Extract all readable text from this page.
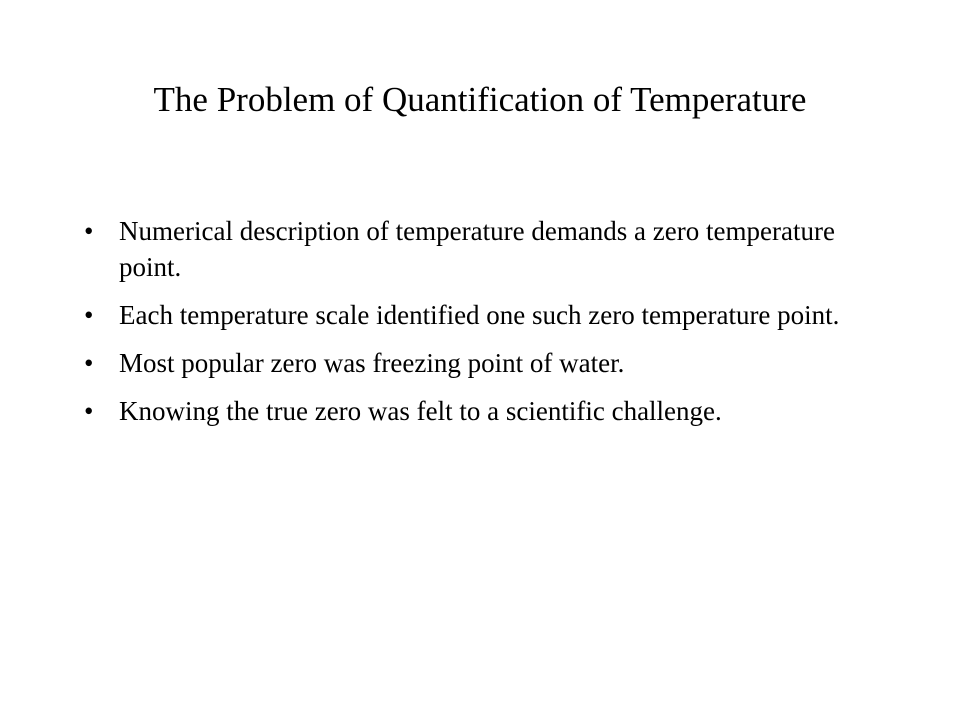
The Problem of Quantification of Temperature
• Numerical description of temperature demands a zero temperature point.
• Each temperature scale identified one such zero temperature point.
• Most popular zero was freezing point of water.
• Knowing the true zero was felt to a scientific challenge.
